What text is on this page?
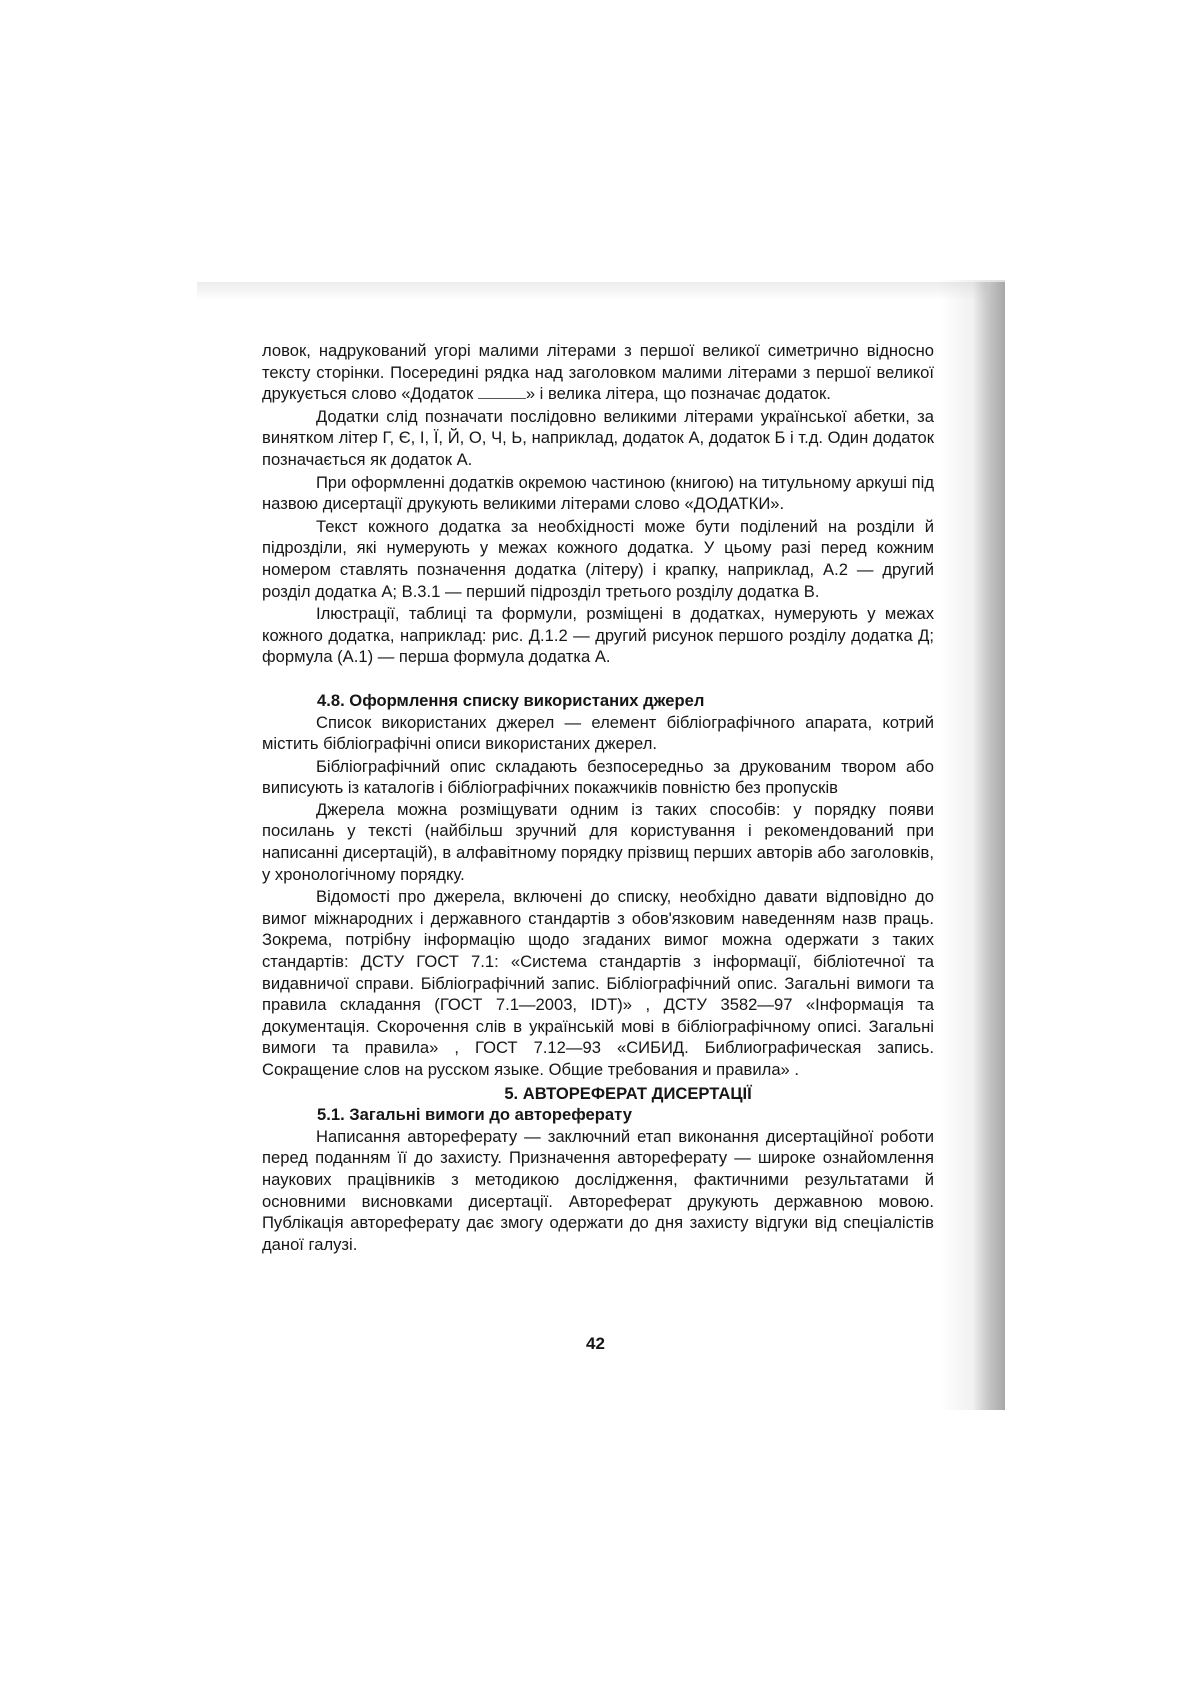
ловок, надрукований угорі малими літерами з першої великої симетрично відносно тексту сторінки. Посередині рядка над заголовком малими літерами з першої великої друкується слово «Додаток	» і велика літера, що позначає додаток.

Додатки слід позначати послідовно великими літерами української абетки, за винятком літер Г, Є, І, Ї, Й, О, Ч, Ь, наприклад, додаток А, додаток Б і т.д. Один додаток позначається як додаток А.

При оформленні додатків окремою частиною (книгою) на титульному аркуші під назвою дисертації друкують великими літерами слово «ДОДАТКИ».

Текст кожного додатка за необхідності може бути поділений на розділи й підрозділи, які нумерують у межах кожного додатка. У цьому разі перед кожним номером ставлять позначення додатка (літеру) і крапку, наприклад, А.2 — другий розділ додатка А; В.3.1 — перший підрозділ третього розділу додатка В.

Ілюстрації, таблиці та формули, розміщені в додатках, нумерують у межах кожного додатка, наприклад: рис. Д.1.2 — другий рисунок першого розділу додатка Д; формула (А.1) — перша формула додатка А.

4.8. Оформлення списку використаних джерел

Список використаних джерел — елемент бібліографічного апарата, котрий містить бібліографічні описи використаних джерел.

Бібліографічний опис складають безпосередньо за друкованим твором або виписують із каталогів і бібліографічних покажчиків повністю без пропусків

Джерела можна розміщувати одним із таких способів: у порядку появи посилань у тексті (найбільш зручний для користування і рекомендований при написанні дисертацій), в алфавітному порядку прізвищ перших авторів або заголовків, у хронологічному порядку.

Відомості про джерела, включені до списку, необхідно давати відповідно до вимог міжнародних і державного стандартів з обов'язковим наведенням назв праць. Зокрема, потрібну інформацію щодо згаданих вимог можна одержати з таких стандартів: ДСТУ ГОСТ 7.1: «Система стандартів з інформації, бібліотечної та видавничої справи. Бібліографічний запис. Бібліографічний опис. Загальні вимоги та правила складання (ГОСТ 7.1—2003, IDT)» , ДСТУ 3582—97 «Інформація та документація. Скорочення слів в українській мові в бібліографічному описі. Загальні вимоги та правила» , ГОСТ 7.12—93 «СИБИД. Библиографическая запись. Сокращение слов на русском языке. Общие требования и правила» .

5. АВТОРЕФЕРАТ ДИСЕРТАЦІЇ

5.1. Загальні вимоги до автореферату

Написання автореферату — заключний етап виконання дисертаційної роботи перед поданням її до захисту. Призначення автореферату — широке ознайомлення наукових працівників з методикою дослідження, фактичними результатами й основними висновками дисертації. Автореферат друкують державною мовою. Публікація автореферату дає змогу одержати до дня захисту відгуки від спеціалістів даної галузі.

42
